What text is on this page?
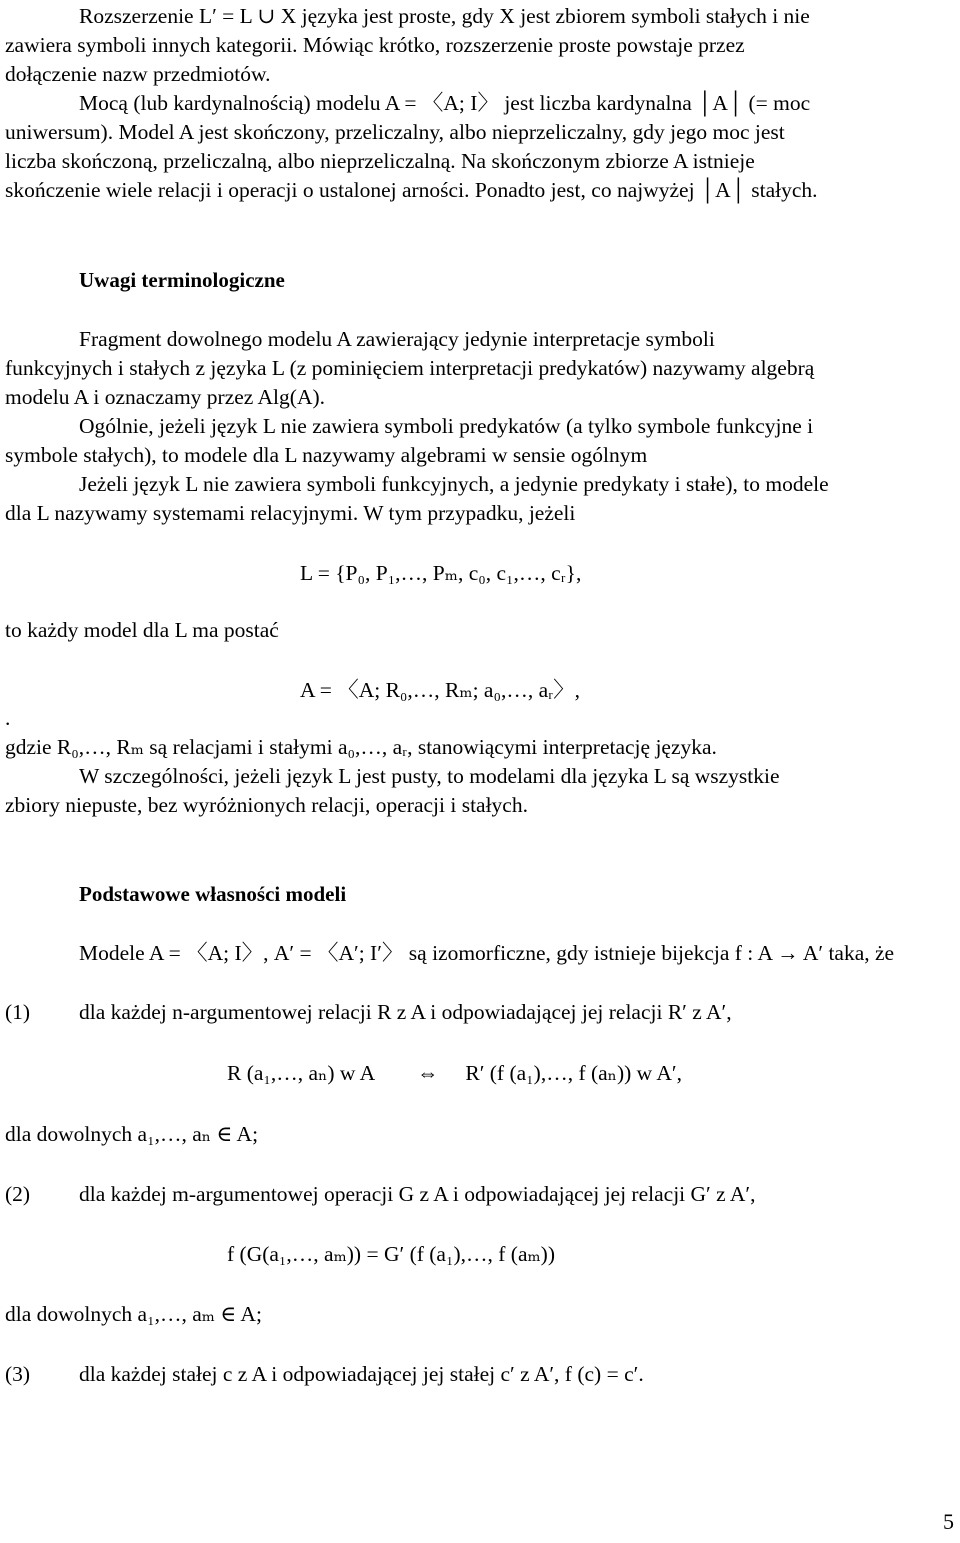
Rozszerzenie L′ = L ∪ X języka jest proste, gdy X jest zbiorem symboli stałych i nie
zawiera symboli innych kategorii. Mówiąc krótko, rozszerzenie proste powstaje przez
dołączenie nazw przedmiotów.
Mocą (lub kardynalnością) modelu A = 〈A; I〉 jest liczba kardynalna │A│ (= moc
uniwersum). Model A jest skończony, przeliczalny, albo nieprzeliczalny, gdy jego moc jest
liczba skończoną, przeliczalną, albo nieprzeliczalną. Na skończonym zbiorze A istnieje
skończenie wiele relacji i operacji o ustalonej arności. Ponadto jest, co najwyżej │A│ stałych.
Uwagi terminologiczne
Fragment dowolnego modelu A zawierający jedynie interpretacje symboli
funkcyjnych i stałych z języka L (z pominięciem interpretacji predykatów) nazywamy algebrą
modelu A i oznaczamy przez Alg(A).
Ogólnie, jeżeli język L nie zawiera symboli predykatów (a tylko symbole funkcyjne i
symbole stałych), to modele dla L nazywamy algebrami w sensie ogólnym
Jeżeli język L nie zawiera symboli funkcyjnych, a jedynie predykaty i stałe), to modele
dla L nazywamy systemami relacyjnymi. W tym przypadku, jeżeli
L = {P₀, P₁,…, Pₘ, c₀, c₁,…, cᵣ},
to każdy model dla L ma postać
A = 〈A; R₀,…, Rₘ; a₀,…, aᵣ〉,
.
gdzie R₀,…, Rₘ są relacjami i stałymi a₀,…, aᵣ, stanowiącymi interpretację języka.
W szczególności, jeżeli język L jest pusty, to modelami dla języka L są wszystkie
zbiory niepuste, bez wyróżnionych relacji, operacji i stałych.
Podstawowe własności modeli
Modele A = 〈A; I〉, A′ = 〈A′; I′〉 są izomorficzne, gdy istnieje bijekcja f : A → A′ taka, że
(1) dla każdej n-argumentowej relacji R z A i odpowiadającej jej relacji R′ z A′,
R (a₁,…, aₙ) w A        ⇔     R′ (f (a₁),…, f (aₙ)) w A′,
dla dowolnych a₁,…, aₙ ∈ A;
(2) dla każdej m-argumentowej operacji G z A i odpowiadającej jej relacji G′ z A′,
f (G(a₁,…, aₘ)) = G′ (f (a₁),…, f (aₘ))
dla dowolnych a₁,…, aₘ ∈ A;
(3) dla każdej stałej c z A i odpowiadającej jej stałej c′ z A′, f (c) = c′.
5
